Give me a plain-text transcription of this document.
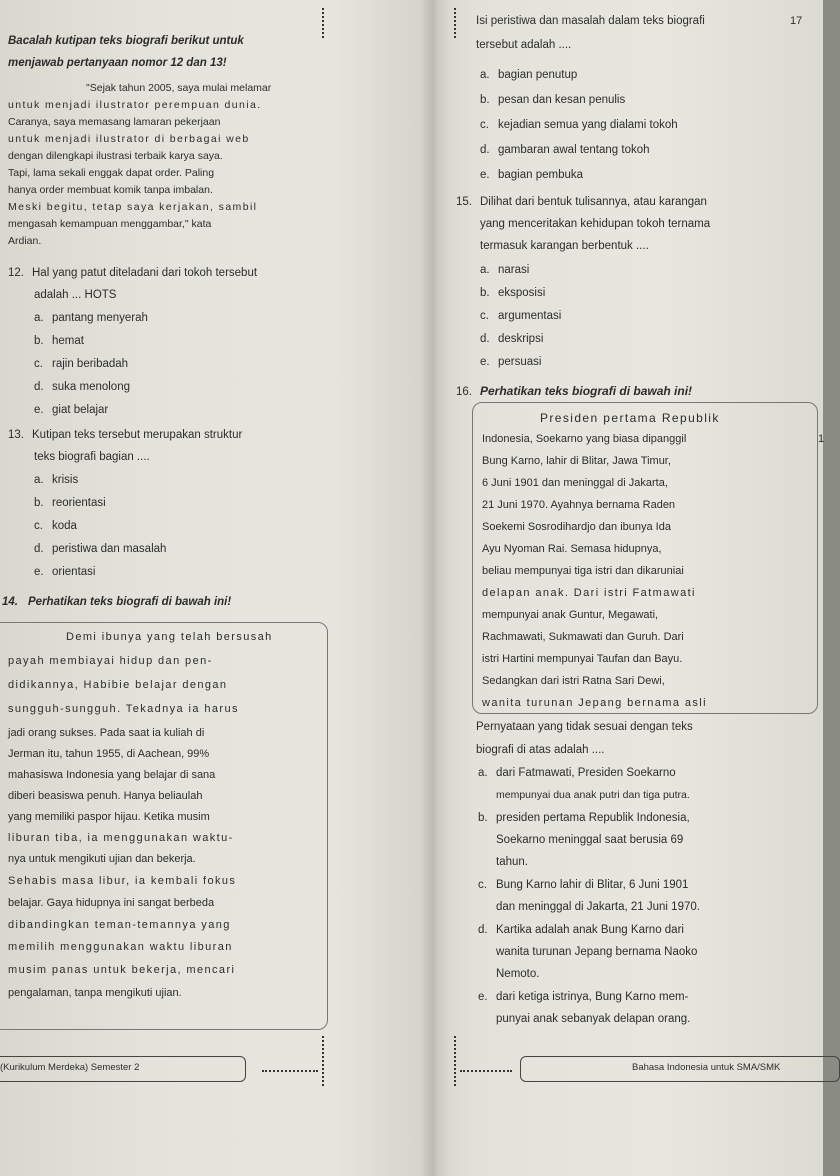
Bacalah kutipan teks biografi berikut untuk
menjawab pertanyaan nomor 12 dan 13!
"Sejak tahun 2005, saya mulai melamar
untuk menjadi ilustrator perempuan dunia.
Caranya, saya memasang lamaran pekerjaan
untuk menjadi ilustrator di berbagai web
dengan dilengkapi ilustrasi terbaik karya saya.
Tapi, lama sekali enggak dapat order. Paling
hanya order membuat komik tanpa imbalan.
Meski begitu, tetap saya kerjakan, sambil
mengasah kemampuan menggambar," kata
Ardian.
12. Hal yang patut diteladani dari tokoh tersebut
adalah ... HOTS
a. pantang menyerah
b. hemat
c. rajin beribadah
d. suka menolong
e. giat belajar
13. Kutipan teks tersebut merupakan struktur
teks biografi bagian ....
a. krisis
b. reorientasi
c. koda
d. peristiwa dan masalah
e. orientasi
14. Perhatikan teks biografi di bawah ini!
Demi ibunya yang telah bersusah
payah membiayai hidup dan pen-
didikannya, Habibie belajar dengan
sungguh-sungguh. Tekadnya ia harus
jadi orang sukses. Pada saat ia kuliah di
Jerman itu, tahun 1955, di Aachean, 99%
mahasiswa Indonesia yang belajar di sana
diberi beasiswa penuh. Hanya beliaulah
yang memiliki paspor hijau. Ketika musim
liburan tiba, ia menggunakan waktu-
nya untuk mengikuti ujian dan bekerja.
Sehabis masa libur, ia kembali fokus
belajar. Gaya hidupnya ini sangat berbeda
dibandingkan teman-temannya yang
memilih menggunakan waktu liburan
musim panas untuk bekerja, mencari
pengalaman, tanpa mengikuti ujian.
(Kurikulum Merdeka) Semester 2
Isi peristiwa dan masalah dalam teks biografi
tersebut adalah ....
17
a. bagian penutup
b. pesan dan kesan penulis
c. kejadian semua yang dialami tokoh
d. gambaran awal tentang tokoh
e. bagian pembuka
15. Dilihat dari bentuk tulisannya, atau karangan
yang menceritakan kehidupan tokoh ternama
termasuk karangan berbentuk ....
a. narasi
b. eksposisi
c. argumentasi
d. deskripsi
e. persuasi
16. Perhatikan teks biografi di bawah ini!
Presiden pertama Republik
Indonesia, Soekarno yang biasa dipanggil
Bung Karno, lahir di Blitar, Jawa Timur,
6 Juni 1901 dan meninggal di Jakarta,
21 Juni 1970. Ayahnya bernama Raden
Soekemi Sosrodihardjo dan ibunya Ida
Ayu Nyoman Rai. Semasa hidupnya,
beliau mempunyai tiga istri dan dikaruniai
delapan anak. Dari istri Fatmawati
mempunyai anak Guntur, Megawati,
Rachmawati, Sukmawati dan Guruh. Dari
istri Hartini mempunyai Taufan dan Bayu.
Sedangkan dari istri Ratna Sari Dewi,
wanita turunan Jepang bernama asli
1
Pernyataan yang tidak sesuai dengan teks
biografi di atas adalah ....
a. dari Fatmawati, Presiden Soekarno
mempunyai dua anak putri dan tiga putra.
b. presiden pertama Republik Indonesia,
Soekarno meninggal saat berusia 69
tahun.
c. Bung Karno lahir di Blitar, 6 Juni 1901
dan meninggal di Jakarta, 21 Juni 1970.
d. Kartika adalah anak Bung Karno dari
wanita turunan Jepang bernama Naoko
Nemoto.
e. dari ketiga istrinya, Bung Karno mem-
punyai anak sebanyak delapan orang.
Bahasa Indonesia untuk SMA/SMK
